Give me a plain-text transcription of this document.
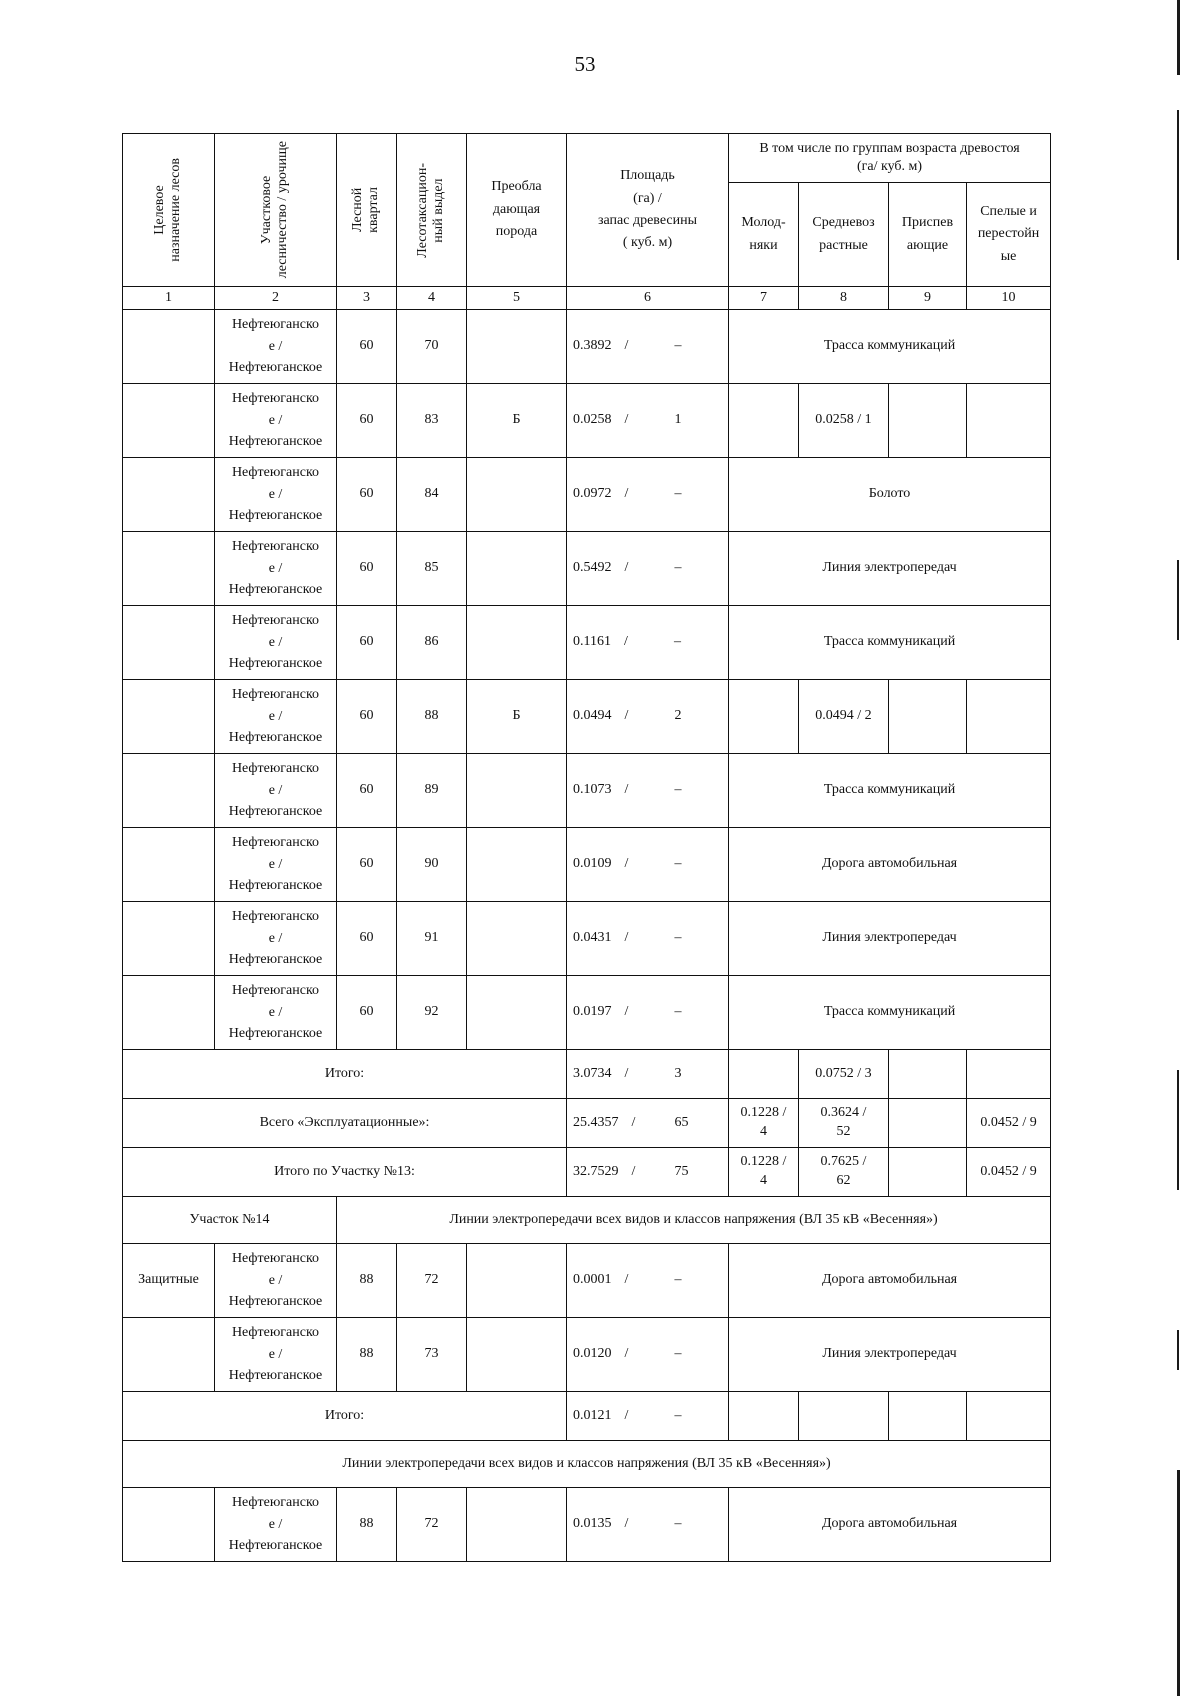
53
Целевое
назначение лесов	Участковое
лесничество / урочище	Лесной
квартал	Лесотаксацион-
ный выдел	Преобла
дающая
порода	Площадь
(га) /
запас древесины
( куб. м)	В том числе по группам возраста древостоя
(га/ куб. м)			
						Молод-
няки	Средневоз
растные	Приспев
ающие	Спелые и
перестойн
ые
1	2	3	4	5	6	7	8	9	10
	Нефтеюганско
е /
Нефтеюганское	60	70		0.3892 / –	Трасса коммуникаций			
	Нефтеюганско
е /
Нефтеюганское	60	83	Б	0.0258 / 1		0.0258 / 1		
	Нефтеюганско
е /
Нефтеюганское	60	84		0.0972 / –	Болото			
	Нефтеюганско
е /
Нефтеюганское	60	85		0.5492 / –	Линия электропередач			
	Нефтеюганско
е /
Нефтеюганское	60	86		0.1161 / –	Трасса коммуникаций			
	Нефтеюганско
е /
Нефтеюганское	60	88	Б	0.0494 / 2		0.0494 / 2		
	Нефтеюганско
е /
Нефтеюганское	60	89		0.1073 / –	Трасса коммуникаций			
	Нефтеюганско
е /
Нефтеюганское	60	90		0.0109 / –	Дорога автомобильная			
	Нефтеюганско
е /
Нефтеюганское	60	91		0.0431 / –	Линия электропередач			
	Нефтеюганско
е /
Нефтеюганское	60	92		0.0197 / –	Трасса коммуникаций			
Итого:					3.0734 / 3		0.0752 / 3		
Всего «Эксплуатационные»:					25.4357 / 65	0.1228 /
4	0.3624 /
52		0.0452 / 9
Итого по Участку №13:					32.7529 / 75	0.1228 /
4	0.7625 /
62		0.0452 / 9
Участок №14		Линии электропередачи всех видов и классов напряжения (ВЛ 35 кВ «Весенняя»)							
Защитные	Нефтеюганско
е /
Нефтеюганское	88	72		0.0001 / –	Дорога автомобильная			
	Нефтеюганско
е /
Нефтеюганское	88	73		0.0120 / –	Линия электропередач			
Итого:					0.0121 / –				
Линии электропередачи всех видов и классов напряжения (ВЛ 35 кВ «Весенняя»)									
	Нефтеюганско
е /
Нефтеюганское	88	72		0.0135 / –	Дорога автомобильная			
